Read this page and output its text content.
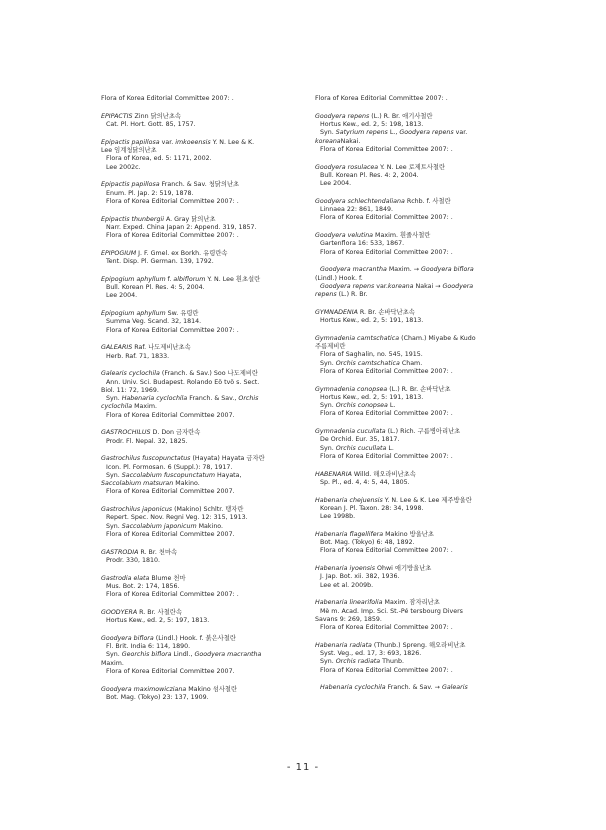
Flora of Korea Editorial Committee 2007: .
EPIPACTIS Zinn 닭의난초속
Cat. Pl. Hort. Gott. 85, 1757.
Epipactis papillosa var. imkoeensis Y. N. Lee & K.
Lee 임계청닭의난초
Flora of Korea, ed. 5: 1171, 2002.
Lee 2002c.
Epipactis papillosa Franch. & Sav. 청닭의난초
Enum. Pl. Jap. 2: 519, 1878.
Flora of Korea Editorial Committee 2007: .
Epipactis thunbergii A. Gray 닭의난초
Narr. Exped. China Japan 2: Append. 319, 1857.
Flora of Korea Editorial Committee 2007: .
EPIPOGIUM J. F. Gmel. ex Borkh. 유령란속
Tent. Disp. Pl. German. 139, 1792.
Epipogium aphyllum f. albiflorum Y. N. Lee 흰초설란
Bull. Korean Pl. Res. 4: 5, 2004.
Lee 2004.
Epipogium aphyllum Sw. 유령란
Summa Veg. Scand. 32, 1814.
Flora of Korea Editorial Committee 2007: .
GALEARIS Raf. 나도제비난초속
Herb. Raf. 71, 1833.
Galearis cyclochila (Franch. & Sav.) Soo 나도제비란
Ann. Univ. Sci. Budapest. Rolando Eö tvö s. Sect.
Biol. 11: 72, 1969.
Syn. Habenaria cyclochila Franch. & Sav., Orchis
cyclochila Maxim.
Flora of Korea Editorial Committee 2007.
GASTROCHILUS D. Don 금자란속
Prodr. Fl. Nepal. 32, 1825.
Gastrochilus fuscopunctatus (Hayata) Hayata 금자란
Icon. Pl. Formosan. 6 (Suppl.): 78, 1917.
Syn. Saccolabium fuscopunctatum Hayata,
Saccolabium matsuran Makino.
Flora of Korea Editorial Committee 2007.
Gastrochilus japonicus (Makino) Schltr. 탱자란
Repert. Spec. Nov. Regni Veg. 12: 315, 1913.
Syn. Saccolabium japonicum Makino.
Flora of Korea Editorial Committee 2007.
GASTRODIA R. Br. 천마속
Prodr. 330, 1810.
Gastrodia elata Blume 천마
Mus. Bot. 2: 174, 1856.
Flora of Korea Editorial Committee 2007: .
GOODYERA R. Br. 사철란속
Hortus Kew., ed. 2, 5: 197, 1813.
Goodyera biflora (Lindl.) Hook. f. 붉은사철란
Fl. Brit. India 6: 114, 1890.
Syn. Georchis biflora Lindl., Goodyera macrantha
Maxim.
Flora of Korea Editorial Committee 2007.
Goodyera maximowicziana Makino 섬사철란
Bot. Mag. (Tokyo) 23: 137, 1909.
Flora of Korea Editorial Committee 2007: .
Goodyera repens (L.) R. Br. 애기사철란
Hortus Kew., ed. 2, 5: 198, 1813.
Syn. Satyrium repens L., Goodyera repens var.
koreanaNakai.
Flora of Korea Editorial Committee 2007: .
Goodyera rosulacea Y. N. Lee 로제트사철란
Bull. Korean Pl. Res. 4: 2, 2004.
Lee 2004.
Goodyera schlechtendaliana Rchb. f. 사철란
Linnaea 22: 861, 1849.
Flora of Korea Editorial Committee 2007: .
Goodyera velutina Maxim. 흰줄사철란
Gartenflora 16: 533, 1867.
Flora of Korea Editorial Committee 2007: .
Goodyera macrantha Maxim. → Goodyera biflora
(Lindl.) Hook. f.
Goodyera repens var.koreana Nakai → Goodyera
repens (L.) R. Br.
GYMNADENIA R. Br. 손바닥난초속
Hortus Kew., ed. 2, 5: 191, 1813.
Gymnadenia camtschatica (Cham.) Miyabe & Kudo
주름제비란
Flora of Saghalin, no. 545, 1915.
Syn. Orchis camtschatica Cham.
Flora of Korea Editorial Committee 2007: .
Gymnadenia conopsea (L.) R. Br. 손바닥난초
Hortus Kew., ed. 2, 5: 191, 1813.
Syn. Orchis conopsea L.
Flora of Korea Editorial Committee 2007: .
Gymnadenia cucullata (L.) Rich. 구름병아리난초
De Orchid. Eur. 35, 1817.
Syn. Orchis cucullata L.
Flora of Korea Editorial Committee 2007: .
HABENARIA Willd. 해오라비난초속
Sp. Pl., ed. 4, 4: 5, 44, 1805.
Habenaria chejuensis Y. N. Lee & K. Lee 제주방울란
Korean J. Pl. Taxon. 28: 34, 1998.
Lee 1998b.
Habenaria flagellifera Makino 방울난초
Bot. Mag. (Tokyo) 6: 48, 1892.
Flora of Korea Editorial Committee 2007: .
Habenaria iyoensis Ohwi 애기방울난초
J. Jap. Bot. xii. 382, 1936.
Lee et al. 2009b.
Habenaria linearifolia Maxim. 잠자리난초
Mè m. Acad. Imp. Sci. St.-Pé tersbourg Divers
Savans 9: 269, 1859.
Flora of Korea Editorial Committee 2007: .
Habenaria radiata (Thunb.) Spreng. 해오라비난초
Syst. Veg., ed. 17, 3: 693, 1826.
Syn. Orchis radiata Thunb.
Flora of Korea Editorial Committee 2007: .
Habenaria cyclochila Franch. & Sav. → Galearis
- 11 -
